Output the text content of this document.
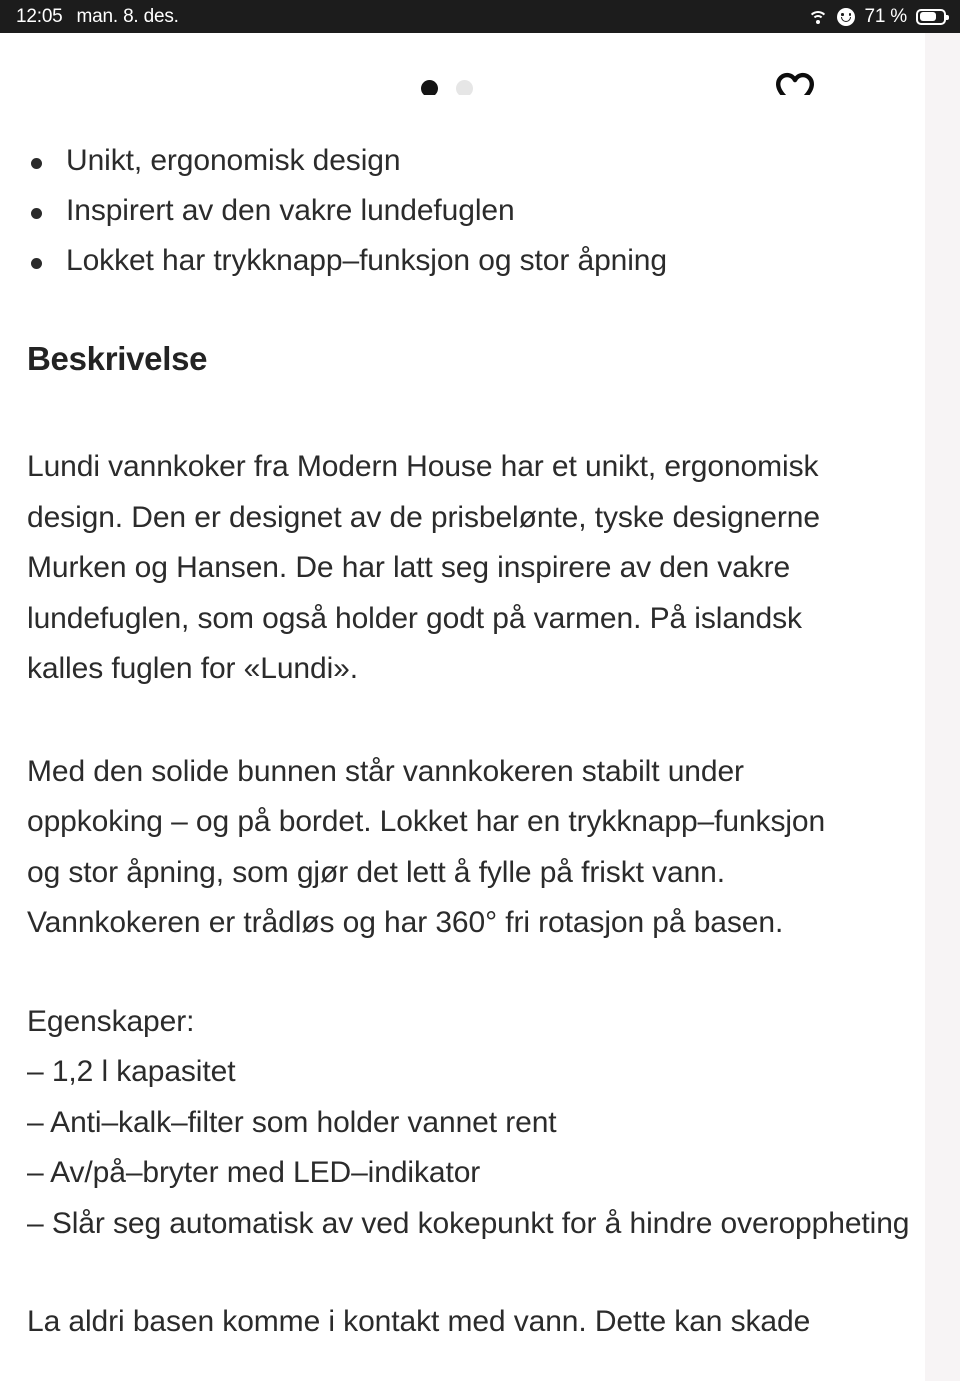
12:05 man. 8. des.	71 %
Unikt, ergonomisk design
Inspirert av den vakre lundefuglen
Lokket har trykknapp–funksjon og stor åpning
Beskrivelse

Lundi vannkoker fra Modern House har et unikt, ergonomisk design. Den er designet av de prisbelønte, tyske designerne Murken og Hansen. De har latt seg inspirere av den vakre lundefuglen, som også holder godt på varmen. På islandsk kalles fuglen for «Lundi».

Med den solide bunnen står vannkokeren stabilt under oppkoking – og på bordet. Lokket har en trykknapp–funksjon og stor åpning, som gjør det lett å fylle på friskt vann. Vannkokeren er trådløs og har 360° fri rotasjon på basen.

Egenskaper:
– 1,2 l kapasitet
– Anti–kalk–filter som holder vannet rent
– Av/på–bryter med LED–indikator
– Slår seg automatisk av ved kokepunkt for å hindre overoppheting

La aldri basen komme i kontakt med vann. Dette kan skade
